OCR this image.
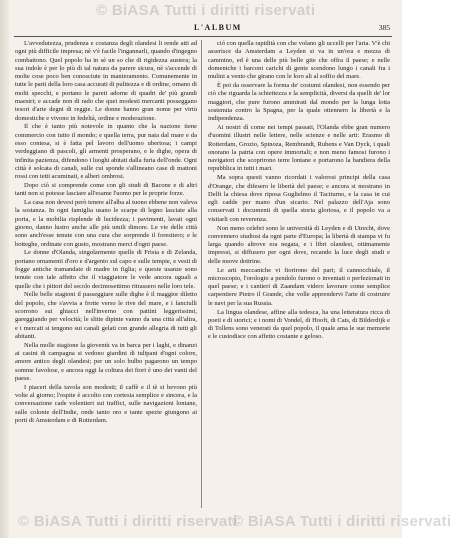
© BiASA Tutti i diritti riservati
L'ALBUM	385

L'avvedutezza, prudenza e costanza degli olandesi li rende atti ad ogni più difficile impresa; nè v'è facile l'ingannarli, quando d'ingegno combattono. Quel popolo ha in sè un so che di rigidezza austera; la sua indole è per lo più di tal natura da parere sicura, nè s'accende di molte cose poco ben conosciute in manieramento. Comunemente in tutte le parti della loro casa accurati di pulitezza e di ordine, ornano di molti specchi, e portano le pareti adorne di quadri de' più grandi maestri; e accade non di rado che quei modesti mercanti posseggano tesori d'arte degni di reggie. Le donne hanno gran nome per virtù domestiche e vivono in fedeltà, ordine e moderazione.

Il che è tanto più notevole in quanto che la nazione tiene commercio con tutto il mondo; e quella terra, pur nata dal mare e da esso contesa, si è fatta pel lavoro dell'uomo ubertosa; i campi verdeggiano di pascoli, gli armenti prosperano, e le dighe, opera di infinita pazienza, difendono i luoghi abitati dalla furia dell'onde. Ogni città è solcata di canali, sulle cui sponde s'allineano case di mattoni rossi con tetti acuminati, e alberi ombrosi.

Dopo ciò si comprende come con gli studi di Bacone e di altri tanti non si potesse lasciare all'esame l'uomo per le proprie forze.

La casa non devesi però tenere all'alba al tuono ebbene non valeva la sostanza. In ogni famiglia usano le scarpe di legno lasciate alla porta, e la mobilia risplende di lucidezza; i pavimenti, lavati ogni giorno, danno lustro anche alle più umili dimore. Le vie delle città sono anch'esse tenute con una cura che sorprende il forestiero; e le botteghe, ordinate con gusto, mostrano merci d'ogni paese.

Le donne d'Olanda, singolarmente quelle di Frisia e di Zelanda, portano ornamenti d'oro e d'argento sul capo e sulle tempie, e vesti di fogge antiche tramandate di madre in figlia; e queste usanze sono tenute con tale affetto che il viaggiatore le vede ancora uguali a quelle che i pittori del secolo decimosettimo ritrassero nelle loro tele.

Nelle belle stagioni il passeggiare sulle dighe è il maggior diletto del popolo, che s'avvia a frotte verso le rive del mare, e i fanciulli scorrono sui ghiacci nell'inverno con pattini leggerissimi, gareggiando per velocità; le slitte dipinte vanno da una città all'altra, e i mercati si tengono sui canali gelati con grande allegria di tutti gli abitanti.

Nella molle stagione la gioventù va in barca per i laghi, e dinanzi ai casini di campagna si vedono giardini di tulipani d'ogni colore, amore antico degli olandesi; per un solo bulbo pagarono un tempo somme favolose, e ancora oggi la coltura dei fiori è uno dei vanti del paese.

I piaceri della tavola son modesti; il caffè e il tè si bevono più volte al giorno; l'ospite è accolto con cortesia semplice e sincera, e la conversazione cade volentieri sui traffici, sulle navigazioni lontane, sulle colonie dell'Indie, onde tanto oro e tante spezie giungono ai porti di Amsterdam e di Rotterdam.

ció con quella rapidità con che volano gli uccelli per l'aria. V'è chi asserisce da Amsterdam a Leyden si va in un'ora e mezza di cammino, ed è una delle più belle gite che offra il paese; e nelle domeniche i barconi carichi di gente scendono lungo i canali fra i mulini a vento che girano con le loro ali al soffio del mare.

È poi da osservare la forma de' costumi olandesi, non essendo per ciò che riguarda la schiettezza e la semplicità, diversi da quelli de' lor maggiori, che pure furono ammirati dal mondo per la lunga lotta sostenuta contro la Spagna, per la quale ottennero la libertà e la indipendenza.

Ai nostri dì come nei tempi passati, l'Olanda ebbe gran numero d'uomini illustri nelle lettere, nelle scienze e nelle arti: Erasmo di Rotterdam, Grozio, Spinoza, Rembrandt, Rubens e Van Dyck, i quali onorano la patria con opere immortali; e non meno famosi furono i navigatori che scoprirono terre lontane e portarono la bandiera della repubblica in tutti i mari.

Ma sopra questi vanno ricordati i valorosi principi della casa d'Orange, che difesero le libertà del paese; e ancora si mostrano in Delft la chiesa dove riposa Guglielmo il Taciturno, e la casa in cui egli cadde per mano d'un sicario. Nel palazzo dell'Aja sono conservati i documenti di quella storia gloriosa, e il popolo va a visitarli con reverenza.

Non meno celebri sono le università di Leyden e di Utrecht, dove convennero studiosi da ogni parte d'Europa; la libertà di stampa vi fu larga quando altrove era negata, e i libri olandesi, ottimamente impressi, si diffusero per ogni dove, recando la luce degli studi e delle nuove dottrine.

Le arti meccaniche vi fiorirono del pari; il cannocchiale, il microscopio, l'orologio a pendolo furono o inventati o perfezionati in quel paese; e i cantieri di Zaandam videro lavorare come semplice carpentiere Pietro il Grande, che volle apprendervi l'arte di costruire le navi per la sua Russia.

La lingua olandese, affine alla tedesca, ha una letteratura ricca di poeti e di storici; e i nomi di Vondel, di Hooft, di Cats, di Bilderdijk e di Tollens sono venerati da quel popolo, il quale ama le sue memorie e le custodisce con affetto costante e geloso.

© BiASA Tutti i diritti riservati
© BiASA Tutti i diritti riservati
